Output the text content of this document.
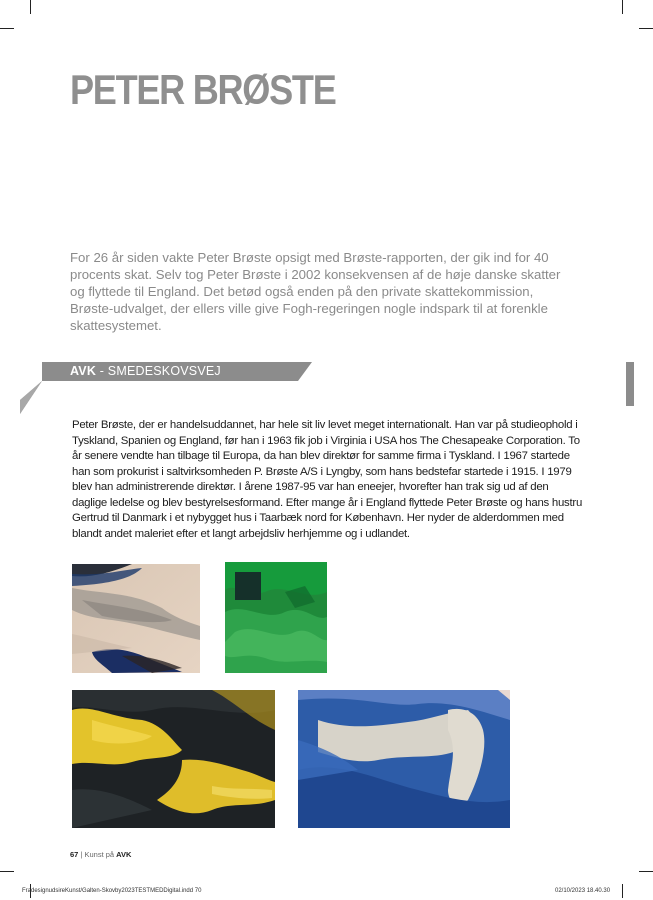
PETER BRØSTE

For 26 år siden vakte Peter Brøste opsigt med Brøste-rapporten, der gik ind for 40 procents skat. Selv tog Peter Brøste i 2002 konsekvensen af de høje danske skatter og flyttede til England. Det betød også enden på den private skattekommission, Brøste-udvalget, der ellers ville give Fogh-regeringen nogle indspark til at forenkle skattesystemet.

AVK - SMEDESKOVSVEJ

Peter Brøste, der er handelsuddannet, har hele sit liv levet meget internationalt. Han var på studieophold i Tyskland, Spanien og England, før han i 1963 fik job i Virginia i USA hos The Chesapeake Corporation. To år senere vendte han tilbage til Europa, da han blev direktør for samme firma i Tyskland. I 1967 startede han som prokurist i saltvirksomheden P. Brøste A/S i Lyngby, som hans bedstefar startede i 1915. I 1979 blev han administrerende direktør. I årene 1987-95 var han eneejer, hvorefter han trak sig ud af den daglige ledelse og blev bestyrelsesformand. Efter mange år i England flyttede Peter Brøste og hans hustru Gertrud til Danmark i et nybygget hus i Taarbæk nord for København. Her nyder de alderdommen med blandt andet maleriet efter et langt arbejdsliv herhjemme og i udlandet.

67 | Kunst på AVK
FradesignudsireKunst/Galten-Skovby2023TESTMEDDigital.indd 70	02/10/2023 18.40.30
